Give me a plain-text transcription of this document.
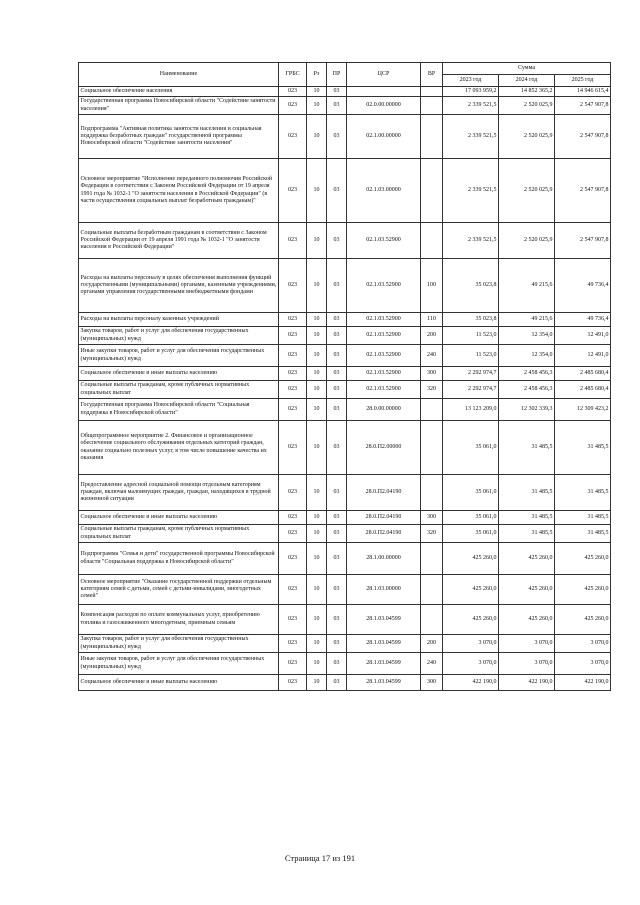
Наименование	ГРБС	Рз	ПР	ЦСР	ВР	Сумма		
						2023 год	2024 год	2025 год
Социальное обеспечение населения	023	10	03			17 093 959,2	14 852 365,2	14 946 615,4
Государственная программа Новосибирской области "Содействие занятости населения"	023	10	03	02.0.00.00000		2 339 521,5	2 520 025,9	2 547 907,8
Подпрограмма "Активная политика занятости населения и социальная поддержка безработных граждан" государственной программы Новосибирской области "Содействие занятости населения"	023	10	03	02.1.00.00000		2 339 521,5	2 520 025,9	2 547 907,8
Основное мероприятие "Исполнение переданного полномочия Российской Федерации в соответствии с Законом Российской Федерации от 19 апреля 1991 года № 1032-1 "О занятости населения в Российской Федерации" (в части осуществления социальных выплат безработным гражданам)"	023	10	03	02.1.03.00000		2 339 521,5	2 520 025,9	2 547 907,8
Социальные выплаты безработным гражданам в соответствии с Законом Российской Федерации от 19 апреля 1991 года № 1032-1 "О занятости населения в Российской Федерации"	023	10	03	02.1.03.52900		2 339 521,5	2 520 025,9	2 547 907,8
Расходы на выплаты персоналу в целях обеспечения выполнения функций государственными (муниципальными) органами, казенными учреждениями, органами управления государственными внебюджетными фондами	023	10	03	02.1.03.52900	100	35 023,8	49 215,6	49 736,4
Расходы на выплаты персоналу казенных учреждений	023	10	03	02.1.03.52900	110	35 023,8	49 215,6	49 736,4
Закупка товаров, работ и услуг для обеспечения государственных (муниципальных) нужд	023	10	03	02.1.03.52900	200	11 523,0	12 354,0	12 491,0
Иные закупки товаров, работ и услуг для обеспечения государственных (муниципальных) нужд	023	10	03	02.1.03.52900	240	11 523,0	12 354,0	12 491,0
Социальное обеспечение и иные выплаты населению	023	10	03	02.1.03.52900	300	2 292 974,7	2 458 456,3	2 485 680,4
Социальные выплаты гражданам, кроме публичных нормативных социальных выплат	023	10	03	02.1.03.52900	320	2 292 974,7	2 458 456,3	2 485 680,4
Государственная программа Новосибирской области "Социальная поддержка в Новосибирской области"	023	10	03	28.0.00.00000		13 123 209,0	12 302 339,3	12 309 423,2
Общепрограммное мероприятие 2. Финансовое и организационное обеспечение социального обслуживания отдельных категорий граждан, оказание социально полезных услуг, в том числе повышение качества их оказания	023	10	03	28.0.П2.00000		35 061,0	31 485,5	31 485,5
Предоставление адресной социальной помощи отдельным категориям граждан, включая малоимущих граждан, граждан, находящихся в трудной жизненной ситуации	023	10	03	28.0.П2.04190		35 061,0	31 485,5	31 485,5
Социальное обеспечение и иные выплаты населению	023	10	03	28.0.П2.04190	300	35 061,0	31 485,5	31 485,5
Социальные выплаты гражданам, кроме публичных нормативных социальных выплат	023	10	03	28.0.П2.04190	320	35 061,0	31 485,5	31 485,5
Подпрограмма "Семья и дети" государственной программы Новосибирской области "Социальная поддержка в Новосибирской области"	023	10	03	28.1.00.00000		425 260,0	425 260,0	425 260,0
Основное мероприятие "Оказание государственной поддержки отдельным категориям семей с детьми, семей с детьми-инвалидами, многодетных семей"	023	10	03	28.1.03.00000		425 260,0	425 260,0	425 260,0
Компенсация расходов по оплате коммунальных услуг, приобретению топлива и газосжиженного многодетным, приемным семьям	023	10	03	28.1.03.04599		425 260,0	425 260,0	425 260,0
Закупка товаров, работ и услуг для обеспечения государственных (муниципальных) нужд	023	10	03	28.1.03.04599	200	3 070,0	3 070,0	3 070,0
Иные закупки товаров, работ и услуг для обеспечения государственных (муниципальных) нужд	023	10	03	28.1.03.04599	240	3 070,0	3 070,0	3 070,0
Социальное обеспечение и иные выплаты населению	023	10	03	28.1.03.04599	300	422 190,0	422 190,0	422 190,0
Страница 17 из 191
